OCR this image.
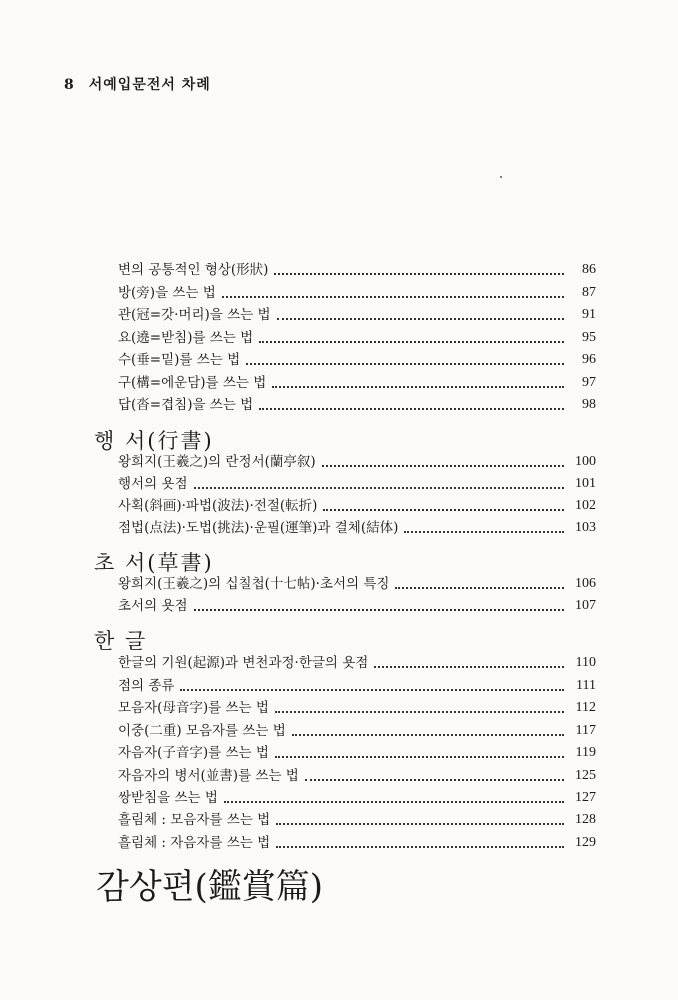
8 서예입문전서 차례
변의 공통적인 형상(形狀)	86
방(旁)을 쓰는 법	87
관(冠=갓·머리)을 쓰는 법	91
요(遶=받침)를 쓰는 법	95
수(垂=밑)를 쓰는 법	96
구(構=에운담)를 쓰는 법	97
답(沓=겹침)을 쓰는 법	98
행 서(行書)
왕희지(王羲之)의 란정서(蘭亭叙)	100
행서의 욧점	101
사획(斜画)·파법(波法)·전절(転折)	102
점법(点法)·도법(挑法)·운필(運筆)과 결체(結体)	103
초 서(草書)
왕희지(王羲之)의 십칠첩(十七帖)·초서의 특징	106
초서의 욧점	107
한 글
한글의 기원(起源)과 변천과정·한글의 욧점	110
점의 종류	111
모음자(母音字)를 쓰는 법	112
이중(二重) 모음자를 쓰는 법	117
자음자(子音字)를 쓰는 법	119
자음자의 병서(並書)를 쓰는 법	125
쌍받침을 쓰는 법	127
흘림체 : 모음자를 쓰는 법	128
흘림체 : 자음자를 쓰는 법	129
감상편(鑑賞篇)
